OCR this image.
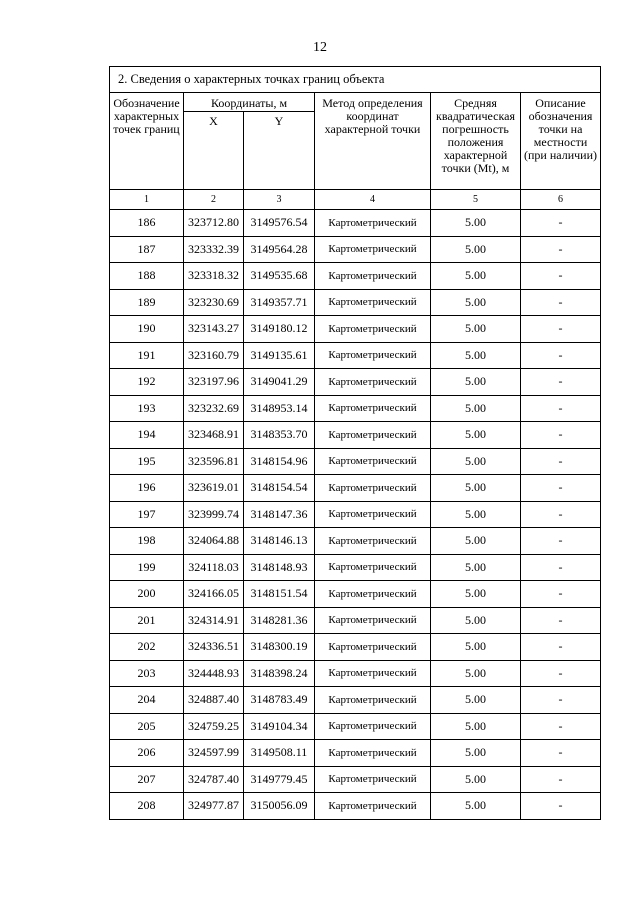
12
2. Сведения о характерных точках границ объекта					
Обозначение характерных точек границ	Координаты, м		Метод определения координат характерной точки	Средняя квадратическая погрешность положения характерной точки (Mt), м	Описание обозначения точки на местности (при наличии)
	X	Y			
1	2	3	4	5	6
186	323712.80	3149576.54	Картометрический	5.00	-
187	323332.39	3149564.28	Картометрический	5.00	-
188	323318.32	3149535.68	Картометрический	5.00	-
189	323230.69	3149357.71	Картометрический	5.00	-
190	323143.27	3149180.12	Картометрический	5.00	-
191	323160.79	3149135.61	Картометрический	5.00	-
192	323197.96	3149041.29	Картометрический	5.00	-
193	323232.69	3148953.14	Картометрический	5.00	-
194	323468.91	3148353.70	Картометрический	5.00	-
195	323596.81	3148154.96	Картометрический	5.00	-
196	323619.01	3148154.54	Картометрический	5.00	-
197	323999.74	3148147.36	Картометрический	5.00	-
198	324064.88	3148146.13	Картометрический	5.00	-
199	324118.03	3148148.93	Картометрический	5.00	-
200	324166.05	3148151.54	Картометрический	5.00	-
201	324314.91	3148281.36	Картометрический	5.00	-
202	324336.51	3148300.19	Картометрический	5.00	-
203	324448.93	3148398.24	Картометрический	5.00	-
204	324887.40	3148783.49	Картометрический	5.00	-
205	324759.25	3149104.34	Картометрический	5.00	-
206	324597.99	3149508.11	Картометрический	5.00	-
207	324787.40	3149779.45	Картометрический	5.00	-
208	324977.87	3150056.09	Картометрический	5.00	-
